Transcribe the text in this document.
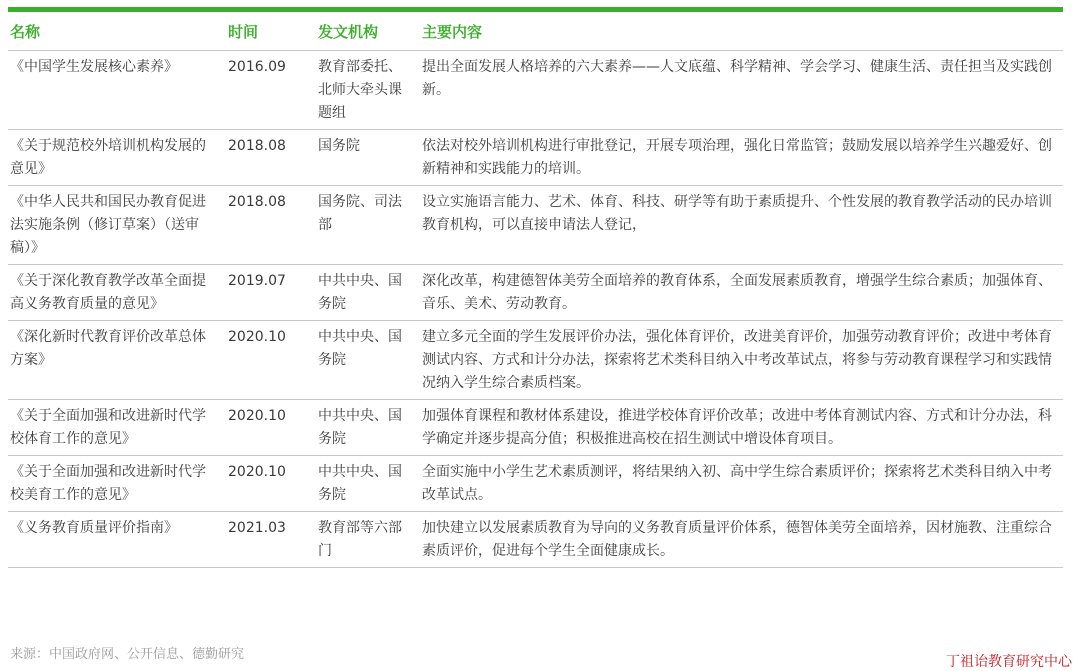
名称	时间	发文机构	主要内容
《中国学生发展核心素养》	2016.09	教育部委托、北师大牵头课题组	提出全面发展人格培养的六大素养——人文底蕴、科学精神、学会学习、健康生活、责任担当及实践创新。
《关于规范校外培训机构发展的意见》	2018.08	国务院	依法对校外培训机构进行审批登记，开展专项治理，强化日常监管；鼓励发展以培养学生兴趣爱好、创新精神和实践能力的培训。
《中华人民共和国民办教育促进法实施条例（修订草案）（送审稿）》	2018.08	国务院、司法部	设立实施语言能力、艺术、体育、科技、研学等有助于素质提升、个性发展的教育教学活动的民办培训教育机构，可以直接申请法人登记，
《关于深化教育教学改革全面提高义务教育质量的意见》	2019.07	中共中央、国务院	深化改革，构建德智体美劳全面培养的教育体系，全面发展素质教育，增强学生综合素质；加强体育、音乐、美术、劳动教育。
《深化新时代教育评价改革总体方案》	2020.10	中共中央、国务院	建立多元全面的学生发展评价办法，强化体育评价，改进美育评价，加强劳动教育评价；改进中考体育测试内容、方式和计分办法，探索将艺术类科目纳入中考改革试点，将参与劳动教育课程学习和实践情况纳入学生综合素质档案。
《关于全面加强和改进新时代学校体育工作的意见》	2020.10	中共中央、国务院	加强体育课程和教材体系建设，推进学校体育评价改革；改进中考体育测试内容、方式和计分办法，科学确定并逐步提高分值；积极推进高校在招生测试中增设体育项目。
《关于全面加强和改进新时代学校美育工作的意见》	2020.10	中共中央、国务院	全面实施中小学生艺术素质测评，将结果纳入初、高中学生综合素质评价；探索将艺术类科目纳入中考改革试点。
《义务教育质量评价指南》	2021.03	教育部等六部门	加快建立以发展素质教育为导向的义务教育质量评价体系，德智体美劳全面培养，因材施教、注重综合素质评价，促进每个学生全面健康成长。
来源：中国政府网、公开信息、德勤研究	丁祖诒教育研究中心
